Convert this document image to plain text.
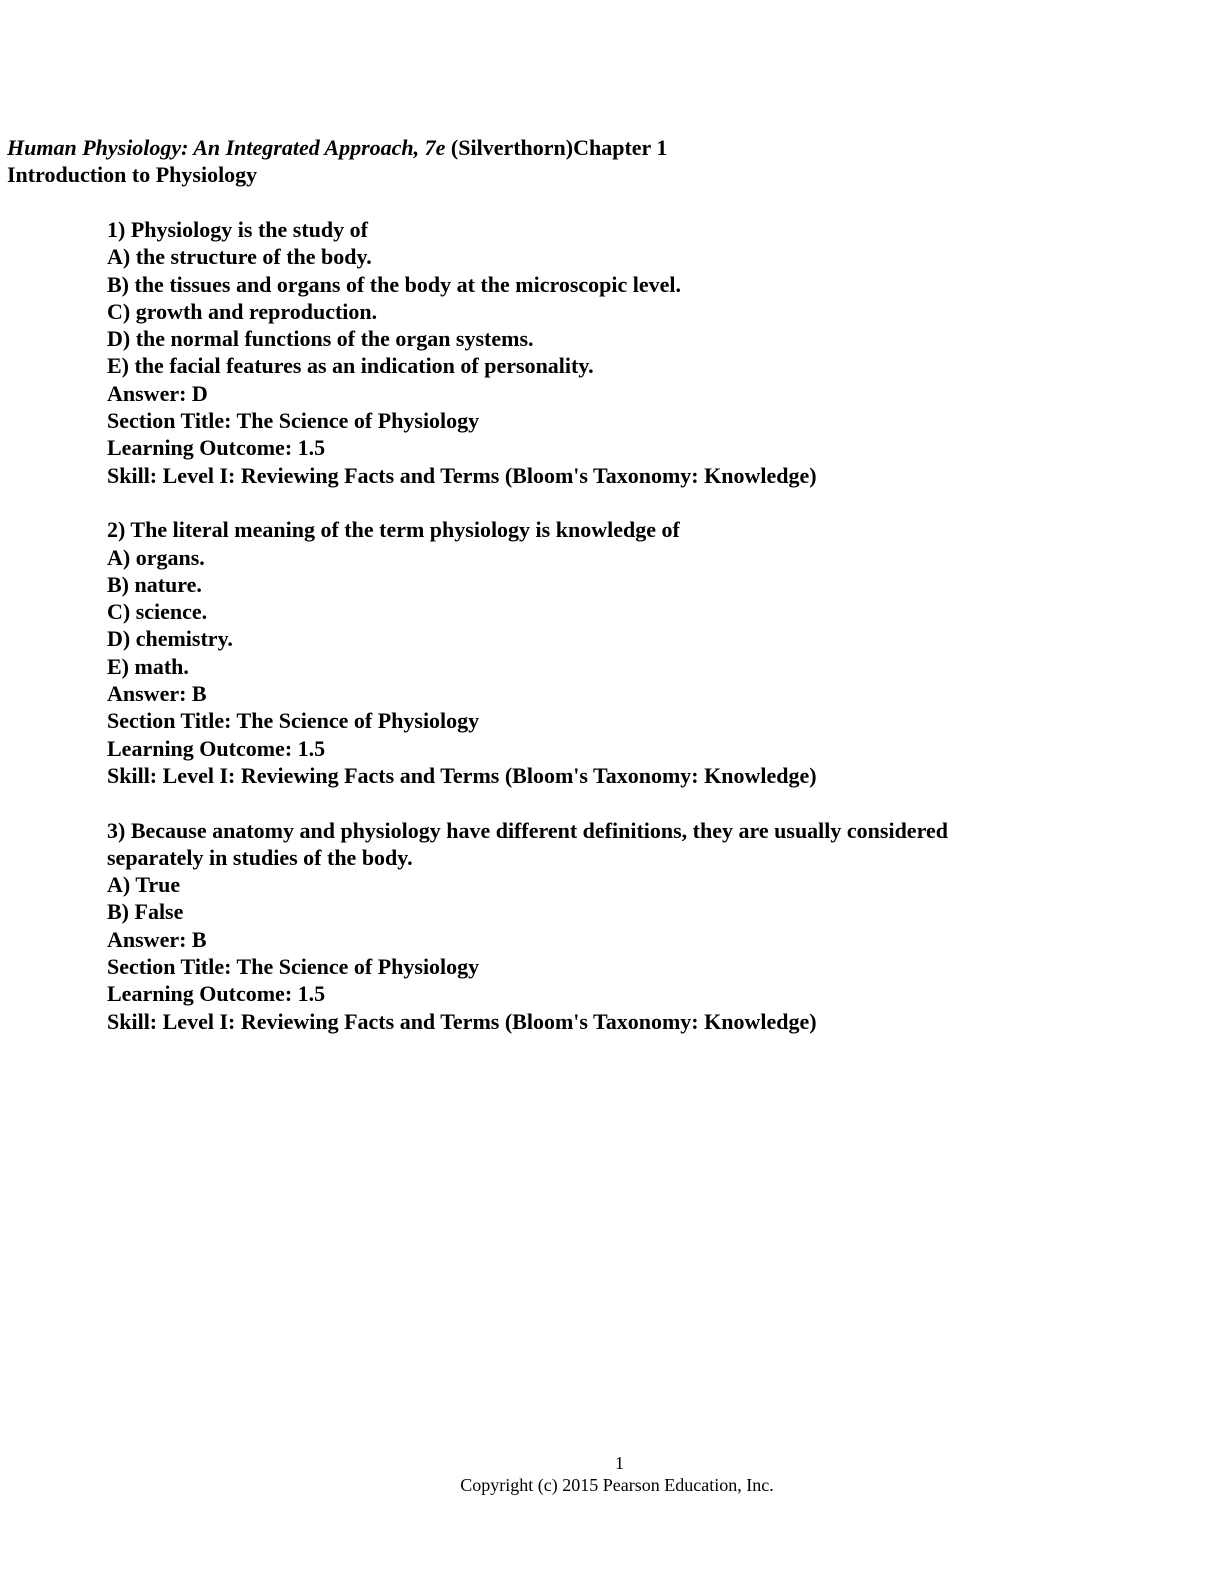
Human Physiology: An Integrated Approach, 7e (Silverthorn)Chapter 1
Introduction to Physiology

1) Physiology is the study of

A) the structure of the body.

B) the tissues and organs of the body at the microscopic level.

C) growth and reproduction.

D) the normal functions of the organ systems.

E) the facial features as an indication of personality.

Answer: D

Section Title: The Science of Physiology

Learning Outcome: 1.5

Skill: Level I: Reviewing Facts and Terms (Bloom's Taxonomy: Knowledge)

2) The literal meaning of the term physiology is knowledge of

A) organs.

B) nature.

C) science.

D) chemistry.

E) math.

Answer: B

Section Title: The Science of Physiology

Learning Outcome: 1.5

Skill: Level I: Reviewing Facts and Terms (Bloom's Taxonomy: Knowledge)

3) Because anatomy and physiology have different definitions, they are usually considered

separately in studies of the body.

A) True

B) False

Answer: B

Section Title: The Science of Physiology

Learning Outcome: 1.5

Skill: Level I: Reviewing Facts and Terms (Bloom's Taxonomy: Knowledge)

1
Copyright (c) 2015 Pearson Education, Inc.
